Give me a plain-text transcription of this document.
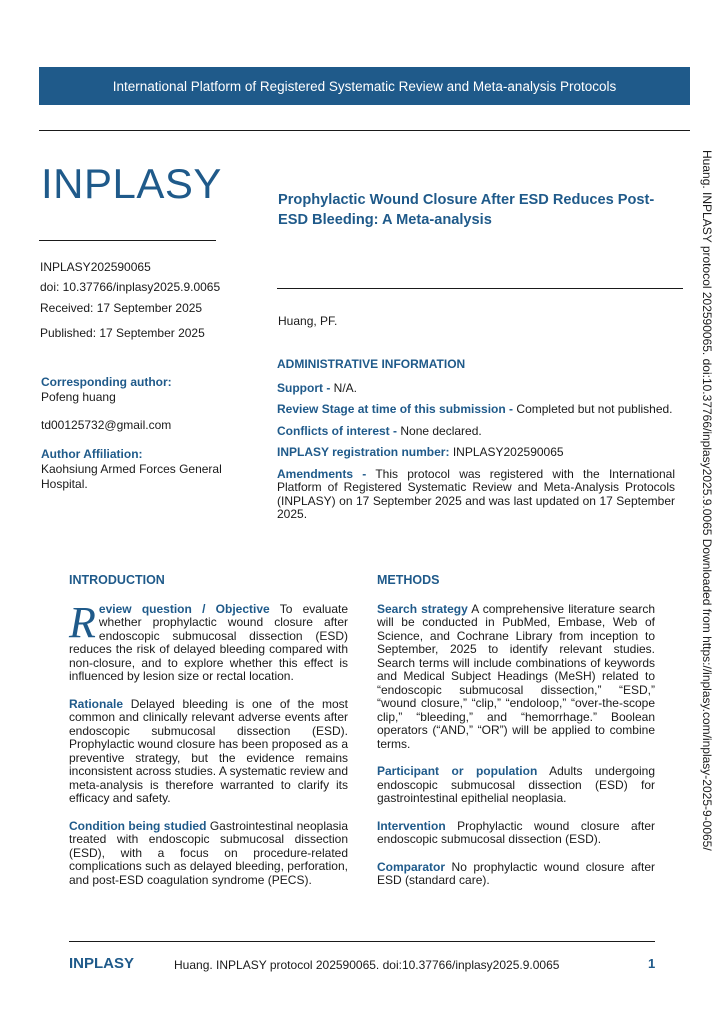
International Platform of Registered Systematic Review and Meta-analysis Protocols
INPLASY
INPLASY202590065
doi: 10.37766/inplasy2025.9.0065
Received: 17 September 2025
Published: 17 September 2025
Corresponding author:
Pofeng huang
td00125732@gmail.com
Author Affiliation:
Kaohsiung Armed Forces General Hospital.
Prophylactic Wound Closure After ESD Reduces Post-ESD Bleeding: A Meta-analysis
Huang, PF.
ADMINISTRATIVE INFORMATION

Support - N/A.

Review Stage at time of this submission - Completed but not published.

Conflicts of interest - None declared.

INPLASY registration number: INPLASY202590065

Amendments - This protocol was registered with the International Platform of Registered Systematic Review and Meta-Analysis Protocols (INPLASY) on 17 September 2025 and was last updated on 17 September 2025.

INTRODUCTION

Review question / Objective To evaluate whether prophylactic wound closure after endoscopic submucosal dissection (ESD) reduces the risk of delayed bleeding compared with non-closure, and to explore whether this effect is influenced by lesion size or rectal location.

Rationale Delayed bleeding is one of the most common and clinically relevant adverse events after endoscopic submucosal dissection (ESD). Prophylactic wound closure has been proposed as a preventive strategy, but the evidence remains inconsistent across studies. A systematic review and meta-analysis is therefore warranted to clarify its efficacy and safety.

Condition being studied Gastrointestinal neoplasia treated with endoscopic submucosal dissection (ESD), with a focus on procedure-related complications such as delayed bleeding, perforation, and post-ESD coagulation syndrome (PECS).

METHODS

Search strategy A comprehensive literature search will be conducted in PubMed, Embase, Web of Science, and Cochrane Library from inception to September, 2025 to identify relevant studies. Search terms will include combinations of keywords and Medical Subject Headings (MeSH) related to “endoscopic submucosal dissection,” “ESD,” “wound closure,” “clip,” “endoloop,” “over-the-scope clip,” “bleeding,” and “hemorrhage.” Boolean operators (“AND,” “OR”) will be applied to combine terms.

Participant or population Adults undergoing endoscopic submucosal dissection (ESD) for gastrointestinal epithelial neoplasia.

Intervention Prophylactic wound closure after endoscopic submucosal dissection (ESD).

Comparator No prophylactic wound closure after ESD (standard care).

Huang. INPLASY protocol 202590065. doi:10.37766/inplasy2025.9.0065 Downloaded from https://inplasy.com/inplasy-2025-9-0065/
INPLASY	Huang. INPLASY protocol 202590065. doi:10.37766/inplasy2025.9.0065	1
